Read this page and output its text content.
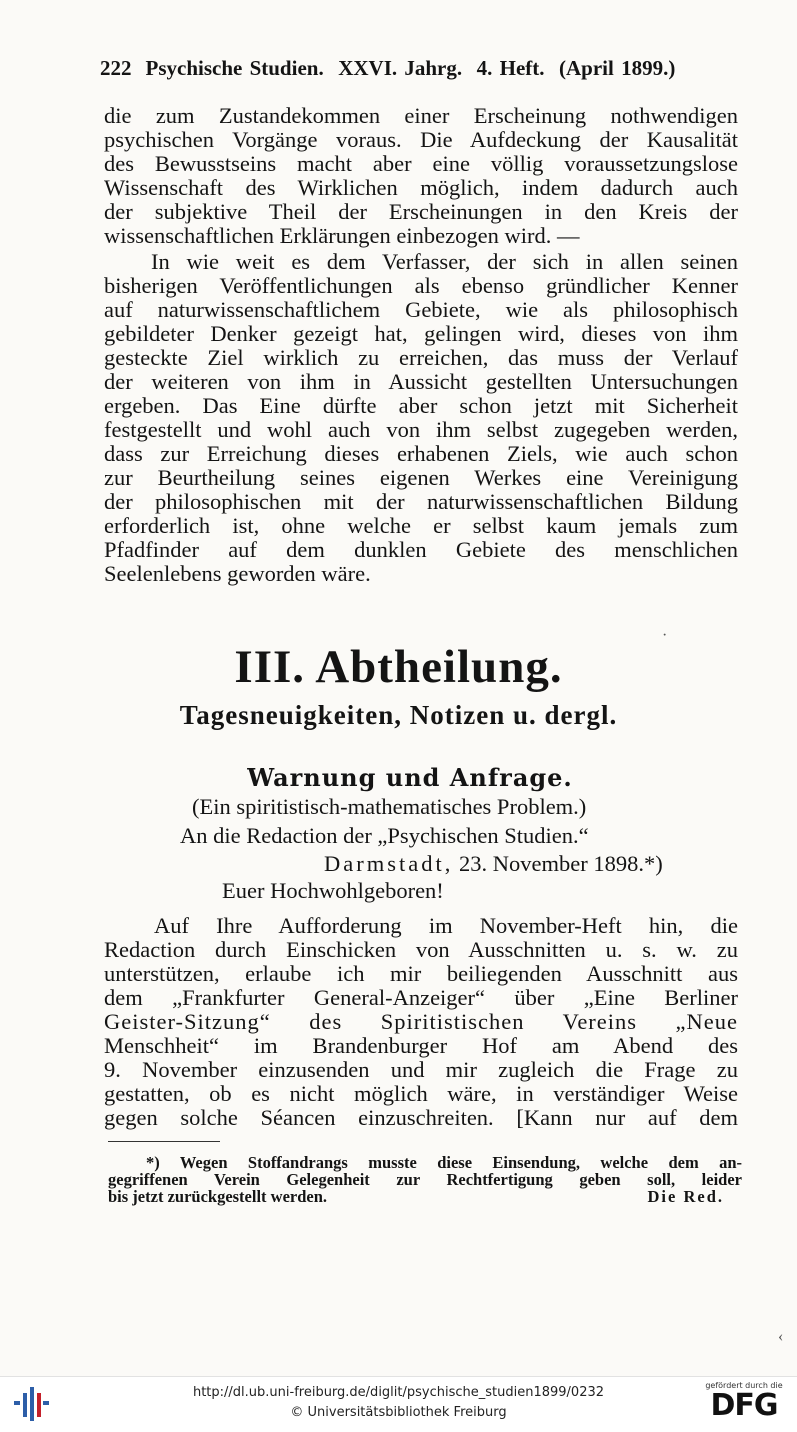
222 Psychische Studien.  XXVI. Jahrg.  4. Heft.  (April 1899.)
die zum Zustandekommen einer Erscheinung nothwendigen
psychischen Vorgänge voraus. Die Aufdeckung der Kausalität
des Bewusstseins macht aber eine völlig voraussetzungslose
Wissenschaft des Wirklichen möglich, indem dadurch auch
der subjektive Theil der Erscheinungen in den Kreis der
wissenschaftlichen Erklärungen einbezogen wird. —
In wie weit es dem Verfasser, der sich in allen seinen
bisherigen Veröffentlichungen als ebenso gründlicher Kenner
auf naturwissenschaftlichem Gebiete, wie als philosophisch
gebildeter Denker gezeigt hat, gelingen wird, dieses von ihm
gesteckte Ziel wirklich zu erreichen, das muss der Verlauf
der weiteren von ihm in Aussicht gestellten Untersuchungen
ergeben. Das Eine dürfte aber schon jetzt mit Sicherheit
festgestellt und wohl auch von ihm selbst zugegeben werden,
dass zur Erreichung dieses erhabenen Ziels, wie auch schon
zur Beurtheilung seines eigenen Werkes eine Vereinigung
der philosophischen mit der naturwissenschaftlichen Bildung
erforderlich ist, ohne welche er selbst kaum jemals zum
Pfadfinder auf dem dunklen Gebiete des menschlichen
Seelenlebens geworden wäre.
·
III. Abtheilung.
Tagesneuigkeiten, Notizen u. dergl.
Warnung und Anfrage.
(Ein spiritistisch-mathematisches Problem.)
An die Redaction der „Psychischen Studien.“
Darmstadt, 23. November 1898.*)
Euer Hochwohlgeboren!
Auf Ihre Aufforderung im November-Heft hin, die
Redaction durch Einschicken von Ausschnitten u. s. w. zu
unterstützen, erlaube ich mir beiliegenden Ausschnitt aus
dem „Frankfurter General-Anzeiger“ über „Eine Berliner
Geister-Sitzung“ des Spiritistischen Vereins „Neue
Menschheit“ im Brandenburger Hof am Abend des
9. November einzusenden und mir zugleich die Frage zu
gestatten, ob es nicht möglich wäre, in verständiger Weise
gegen solche Séancen einzuschreiten. [Kann nur auf dem
*) Wegen Stoffandrangs musste diese Einsendung, welche dem an-
gegriffenen Verein Gelegenheit zur Rechtfertigung geben soll, leider
bis jetzt zurückgestellt werden.	Die Red.
‹
http://dl.ub.uni-freiburg.de/diglit/psychische_studien1899/0232
© Universitätsbibliothek Freiburg
gefördert durch die
DFG
